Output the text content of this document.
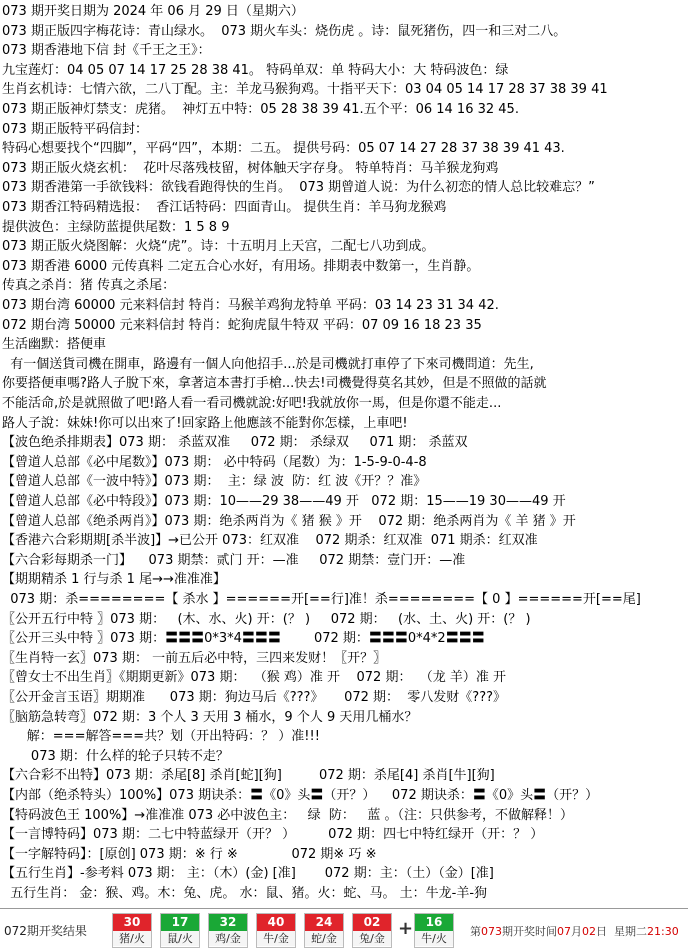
073 期开奖日期为 2024 年 06 月 29 日（星期六）
073 期正版四字梅花诗：青山绿水。  073 期火车头：烧伤虎 。诗：鼠死猪伤，四一和三对二八。
073 期香港地下信 封《千王之王》：
九宝莲灯：04 05 07 14 17 25 28 38 41。 特码单双：单 特码大小：大 特码波色：绿
生肖玄机诗：七情六欲，二八丁配。主：羊龙马猴狗鸡。十指平天下：03 04 05 14 17 28 37 38 39 41
073 期正版神灯禁支：虎猪。  神灯五中特：05 28 38 39 41.五个平：06 14 16 32 45.
073 期正版特平码信封：
特码心想要找个“四脚”，平码“四”，本期：二五。 提供号码：05 07 14 27 28 37 38 39 41 43.
073 期正版火烧玄机：  花叶尽落残枝留，树体触天字存身。 特单特肖：马羊猴龙狗鸡
073 期香港第一手欲钱料：欲钱看跑得快的生肖。  073 期曾道人说：为什么初恋的情人总比较难忘？”
073 期香江特码精选报：  香江话特码：四面青山。 提供生肖：羊马狗龙猴鸡
提供波色：主绿防蓝提供尾数：1 5 8 9
073 期正版火烧图解：火烧“虎”。诗：十五明月上天宫，二配七八功到成。
073 期香港 6000 元传真料 二定五合心水好，有用场。排期表中数第一，生肖静。
传真之杀肖：猪 传真之杀尾：
073 期台湾 60000 元来料信封 特肖：马猴羊鸡狗龙特单 平码：03 14 23 31 34 42.
072 期台湾 50000 元来料信封 特肖：蛇狗虎鼠牛特双 平码：07 09 16 18 23 35
生活幽默：搭便車
有一個送貨司機在開車，路邊有一個人向他招手...於是司機就打車停了下來司機問道：先生,
你要搭便車嗎?路人子脫下來，拿著這本書打手槍...快去!司機覺得莫名其妙，但是不照做的話就
不能活命,於是就照做了吧!路人看一看司機就說:好吧!我就放你一馬，但是你還不能走...
路人子說：妹妹!你可以出來了!回家路上他應該不能對你怎樣，上車吧!
【波色绝杀排期表】073 期： 杀蓝双准     072 期： 杀绿双     071 期： 杀蓝双
【曾道人总部《必中尾数》】073 期： 必中特码（尾数）为：1-5-9-0-4-8
【曾道人总部《一波中特》】073 期：  主：绿 波  防：红 波《开？？准》
【曾道人总部《必中特段》】073 期：10——29 38——49 开   072 期：15——19 30——49 开
【曾道人总部《绝杀两肖》】073 期：绝杀两肖为《 猪 猴 》开    072 期：绝杀两肖为《 羊 猪 》开
【香港六合彩期期[杀半波]】→已公开 073：红双准    072 期杀：红双准  071 期杀：红双准
【六合彩每期杀一门】    073 期禁：贰门 开：—准     072 期禁：壹门开：—准
【期期精杀 1 行与杀 1 尾→→准准准】
073 期：杀========【 杀水 】======开[==行]准！杀========【 0 】======开[==尾]
〖公开五行中特 〗073 期：   (木、水、火) 开：(？ )     072 期：   (水、土、火) 开：(？ )
〖公开三头中特 〗073 期：〓〓〓0*3*4〓〓〓        072 期：〓〓〓0*4*2〓〓〓
〖生肖特一玄〗073 期： 一前五后必中特，三四来发财！〖开？〗
〖曾女士不出生肖〗《期期更新》073 期：  （猴 鸡）准 开    072 期：  （龙 羊）准 开
〖公开金言玉语〗期期准      073 期：狗边马后《???》     072 期：  零八发财《???》
〖脑筋急转弯〗072 期：3 个人 3 天用 3 桶水，9 个人 9 天用几桶水？
解：===解答===共？划（开出特码：？ ）准!!!
073 期：什么样的轮子只转不走？
【六合彩不出特】073 期：杀尾[8] 杀肖[蛇][狗]         072 期：杀尾[4] 杀肖[牛][狗]
【内部（绝杀特头）100%】073 期诀杀：〓《0》头〓（开？）    072 期诀杀：〓《0》头〓（开？）
【特码波色王 100%】→准准准 073 必中波色主：   绿  防：   蓝 。（注：只供参考，不做解释！）
【一言博特码】073 期：二七中特蓝绿开（开？ ）        072 期：四七中特红绿开（开：？ ）
【一字解特码】：[原创] 073 期：※ 行 ※             072 期※ 巧 ※
【五行生肖】-参考料 073 期： 主：（木）(金) [准]       072 期：主：（土）（金）[准]
五行生肖： 金：猴、鸡。木：兔、虎。 水：鼠、猪。火：蛇、马。 土：牛龙-羊-狗
072期开奖结果
30
猪/火
17
鼠/火
32
鸡/金
40
牛/金
24
蛇/金
02
兔/金
16
牛/火
+	第073期开奖时间07月02日  星期二21:30
